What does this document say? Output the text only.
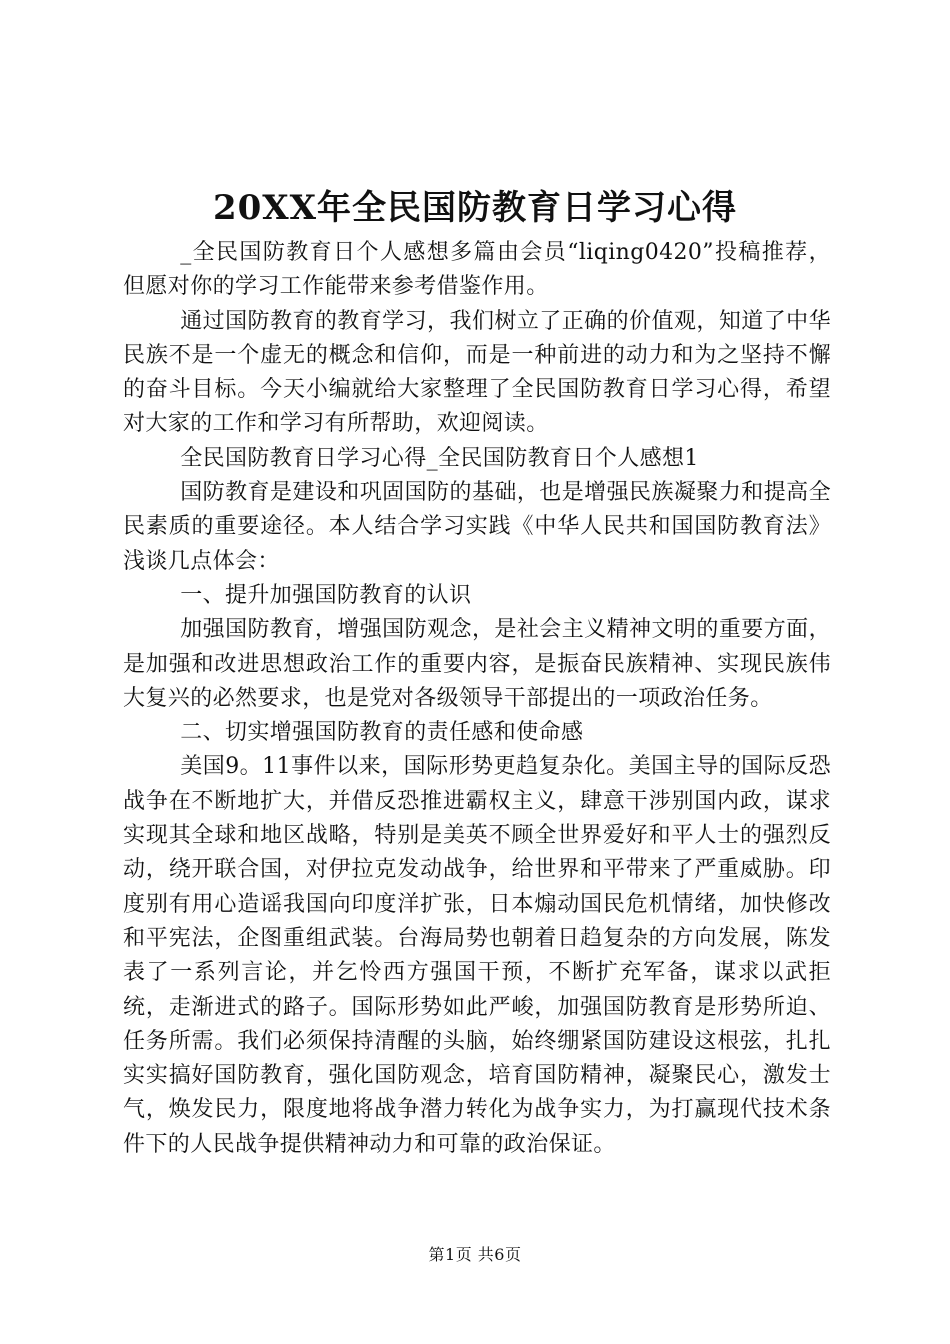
20XX年全民国防教育日学习心得

_全民国防教育日个人感想多篇由会员“liqing0420”投稿推荐，但愿对你的学习工作能带来参考借鉴作用。

通过国防教育的教育学习，我们树立了正确的价值观，知道了中华民族不是一个虚无的概念和信仰，而是一种前进的动力和为之坚持不懈的奋斗目标。今天小编就给大家整理了全民国防教育日学习心得，希望对大家的工作和学习有所帮助，欢迎阅读。

全民国防教育日学习心得_全民国防教育日个人感想1

国防教育是建设和巩固国防的基础，也是增强民族凝聚力和提高全民素质的重要途径。本人结合学习实践《中华人民共和国国防教育法》浅谈几点体会：

一、提升加强国防教育的认识

加强国防教育，增强国防观念，是社会主义精神文明的重要方面，是加强和改进思想政治工作的重要内容，是振奋民族精神、实现民族伟大复兴的必然要求，也是党对各级领导干部提出的一项政治任务。

二、切实增强国防教育的责任感和使命感

美国9。11事件以来，国际形势更趋复杂化。美国主导的国际反恐战争在不断地扩大，并借反恐推进霸权主义，肆意干涉别国内政，谋求实现其全球和地区战略，特别是美英不顾全世界爱好和平人士的强烈反动，绕开联合国，对伊拉克发动战争，给世界和平带来了严重威胁。印度别有用心造谣我国向印度洋扩张，日本煽动国民危机情绪，加快修改和平宪法，企图重组武装。台海局势也朝着日趋复杂的方向发展，陈发表了一系列言论，并乞怜西方强国干预，不断扩充军备，谋求以武拒统，走渐进式的路子。国际形势如此严峻，加强国防教育是形势所迫、任务所需。我们必须保持清醒的头脑，始终绷紧国防建设这根弦，扎扎实实搞好国防教育，强化国防观念，培育国防精神，凝聚民心，激发士气，焕发民力，限度地将战争潜力转化为战争实力，为打赢现代技术条件下的人民战争提供精神动力和可靠的政治保证。

第1页 共6页
